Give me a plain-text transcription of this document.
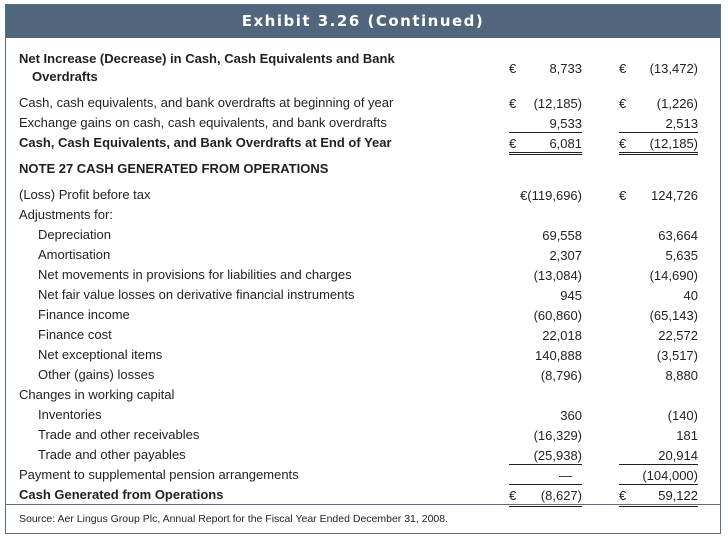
Exhibit 3.26 (Continued)
Net Increase (Decrease) in Cash, Cash Equivalents and Bank
Overdrafts
€	8,733	€ (13,472)
Cash, cash equivalents, and bank overdrafts at beginning of year	€ (12,185)	€ (1,226)
Exchange gains on cash, cash equivalents, and bank overdrafts	9,533	2,513
Cash, Cash Equivalents, and Bank Overdrafts at End of Year	€	6,081	€ (12,185)
NOTE 27 CASH GENERATED FROM OPERATIONS
(Loss) Profit before tax	€(119,696)	€ 124,726
Adjustments for:
Depreciation	69,558	63,664
Amortisation	2,307	5,635
Net movements in provisions for liabilities and charges	(13,084)	(14,690)
Net fair value losses on derivative financial instruments	945	40
Finance income	(60,860)	(65,143)
Finance cost	22,018	22,572
Net exceptional items	140,888	(3,517)
Other (gains) losses	(8,796)	8,880
Changes in working capital
Inventories	360	(140)
Trade and other receivables	(16,329)	181
Trade and other payables	(25,938)	20,914
Payment to supplemental pension arrangements	—	(104,000)
Cash Generated from Operations	€ (8,627)	€ 59,122
Source: Aer Lingus Group Plc, Annual Report for the Fiscal Year Ended December 31, 2008.
